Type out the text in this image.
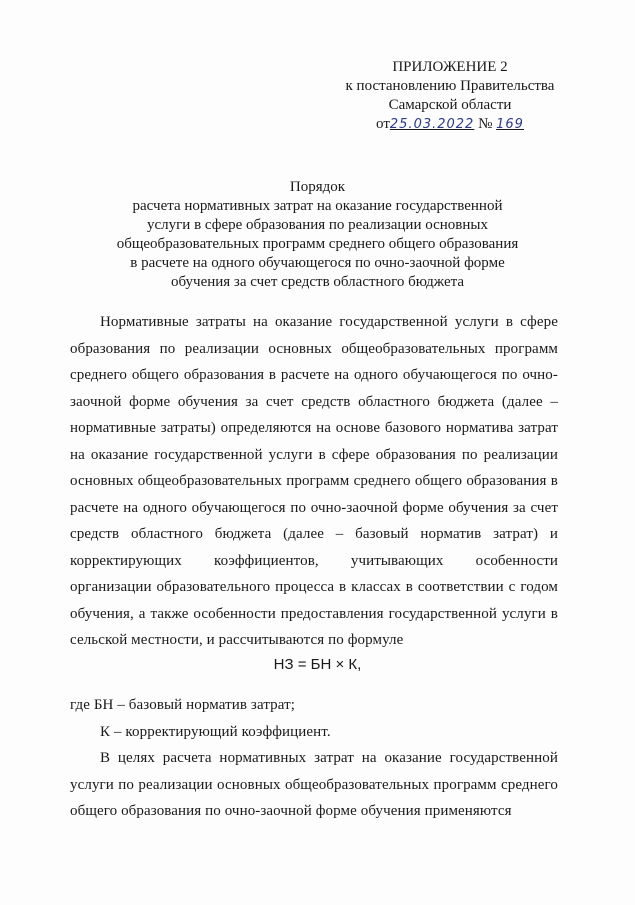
ПРИЛОЖЕНИЕ 2
к постановлению Правительства
Самарской области
от25.03.2022 № 169
Порядок
расчета нормативных затрат на оказание государственной
услуги в сфере образования по реализации основных
общеобразовательных программ среднего общего образования
в расчете на одного обучающегося по очно-заочной форме
обучения за счет средств областного бюджета
Нормативные затраты на оказание государственной услуги в сфере образования по реализации основных общеобразовательных программ среднего общего образования в расчете на одного обучающегося по очно-заочной форме обучения за счет средств областного бюджета (далее – нормативные затраты) определяются на основе базового норматива затрат на оказание государственной услуги в сфере образования по реализации основных общеобразовательных программ среднего общего образования в расчете на одного обучающегося по очно-заочной форме обучения за счет средств областного бюджета (далее – базовый норматив затрат) и корректирующих коэффициентов, учитывающих особенности организации образовательного процесса в классах в соответствии с годом обучения, а также особенности предоставления государственной услуги в сельской местности, и рассчитываются по формуле
НЗ = БН × К,
где БН – базовый норматив затрат;
К – корректирующий коэффициент.
В целях расчета нормативных затрат на оказание государственной услуги по реализации основных общеобразовательных программ среднего общего образования по очно-заочной форме обучения применяются
